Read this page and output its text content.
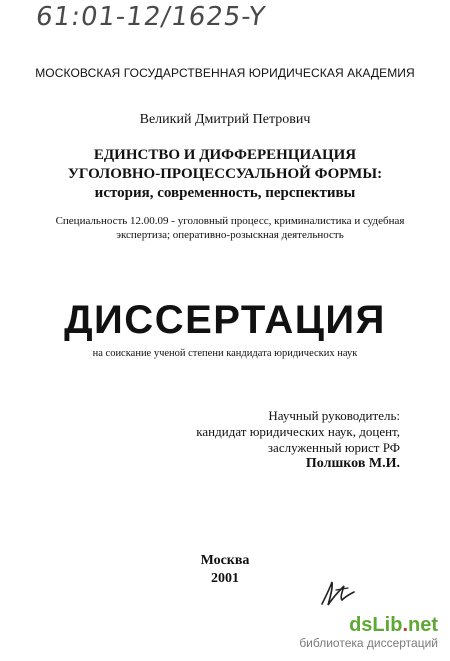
61:01-12/1625-Y
МОСКОВСКАЯ ГОСУДАРСТВЕННАЯ ЮРИДИЧЕСКАЯ АКАДЕМИЯ
Великий Дмитрий Петрович
ЕДИНСТВО И ДИФФЕРЕНЦИАЦИЯ
УГОЛОВНО-ПРОЦЕССУАЛЬНОЙ ФОРМЫ:
история, современность, перспективы
Специальность 12.00.09 - уголовный процесс, криминалистика и судебная
экспертиза; оперативно-розыскная деятельность
ДИССЕРТАЦИЯ
на соискание ученой степени кандидата юридических наук
Научный руководитель:
кандидат юридических наук, доцент,
заслуженный юрист РФ
Полшков М.И.
Москва
2001
dsLib.net
библиотека диссертаций
